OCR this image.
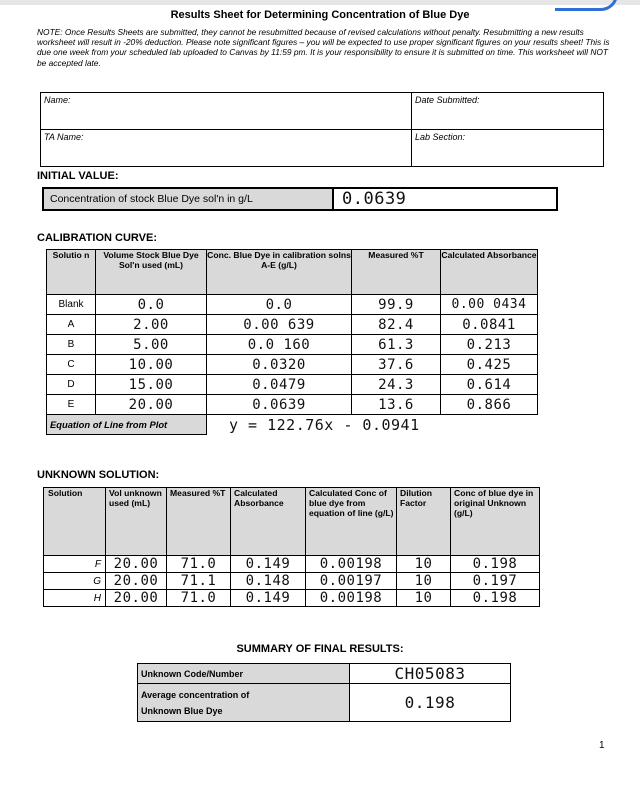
Results Sheet for Determining Concentration of Blue Dye
NOTE: Once Results Sheets are submitted, they cannot be resubmitted because of revised calculations without penalty. Resubmitting a new results worksheet will result in -20% deduction. Please note significant figures – you will be expected to use proper significant figures on your results sheet! This is due one week from your scheduled lab uploaded to Canvas by 11:59 pm. It is your responsibility to ensure it is submitted on time. This worksheet will NOT be accepted late.
Name:	Date Submitted:
TA Name:	Lab Section:
INITIAL VALUE:
Concentration of stock Blue Dye sol'n in g/L	0.0639
CALIBRATION CURVE:
Solutio n	Volume Stock Blue Dye Sol'n used (mL)	Conc. Blue Dye in calibration solns A-E (g/L)	Measured %T	Calculated Absorbance
Blank	0.0	0.0	99.9	0.00 0434
A	2.00	0.00 639	82.4	0.0841
B	5.00	0.0 160	61.3	0.213
C	10.00	0.0320	37.6	0.425
D	15.00	0.0479	24.3	0.614
E	20.00	0.0639	13.6	0.866
Equation of Line from Plot		y = 122.76x - 0.0941		
UNKNOWN SOLUTION:
Solution	Vol unknown used (mL)	Measured %T	Calculated Absorbance	Calculated Conc of blue dye from equation of line (g/L)	Dilution Factor	Conc of blue dye in original Unknown (g/L)
F	20.00	71.0	0.149	0.00198	10	0.198
G	20.00	71.1	0.148	0.00197	10	0.197
H	20.00	71.0	0.149	0.00198	10	0.198
SUMMARY OF FINAL RESULTS:
Unknown Code/Number	CH05083

Average concentration of
Unknown Blue Dye	0.198
1
